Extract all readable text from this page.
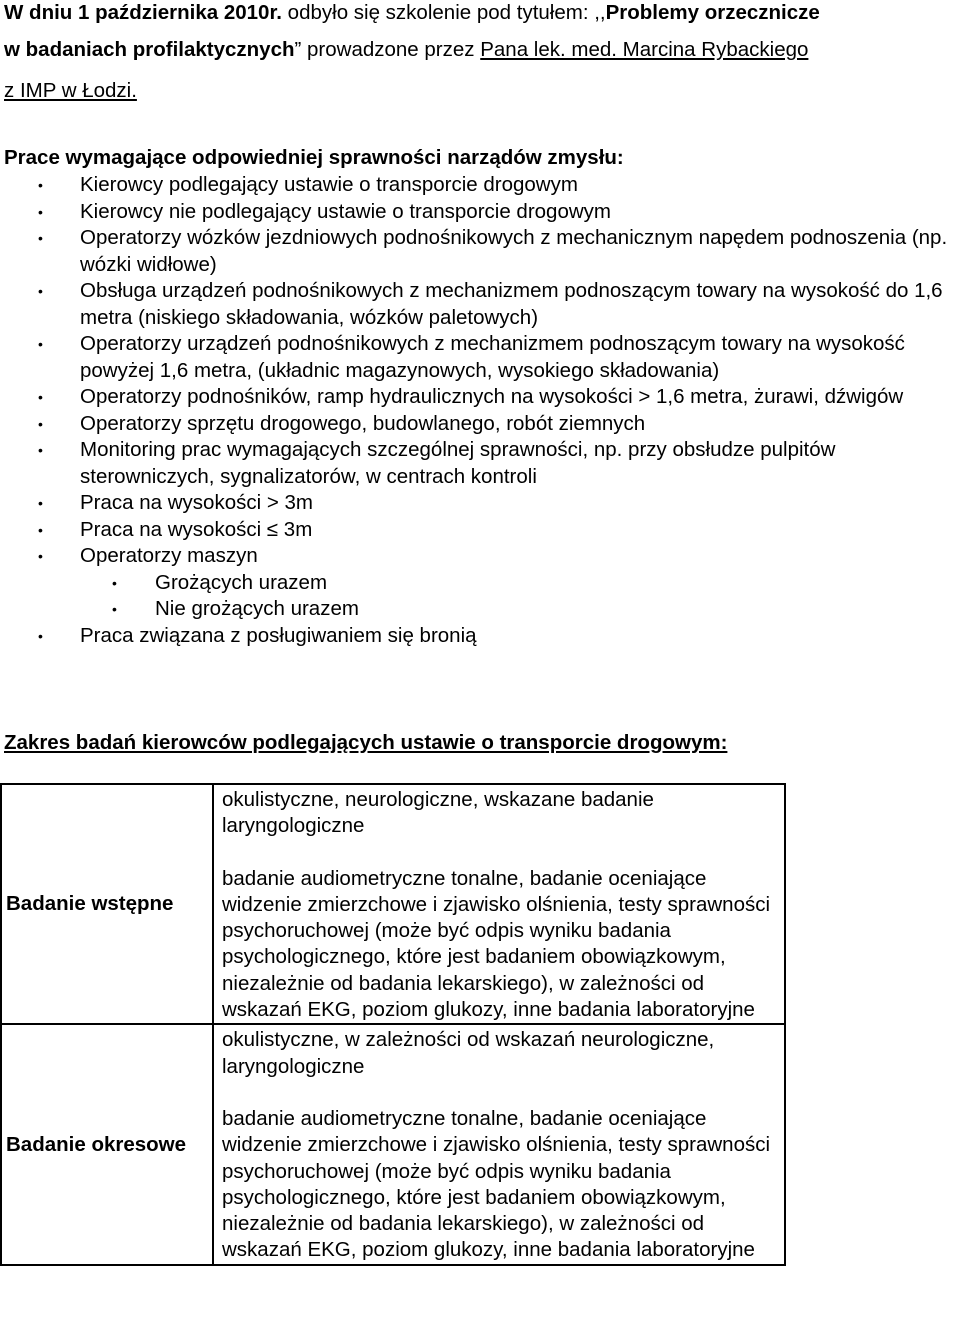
W dniu 1 października 2010r. odbyło się szkolenie pod tytułem: ,,Problemy orzecznicze
w badaniach profilaktycznych” prowadzone przez Pana lek. med. Marcina Rybackiego
z IMP w Łodzi.
Prace wymagające odpowiedniej sprawności narządów zmysłu:
• Kierowcy podlegający ustawie o transporcie drogowym
• Kierowcy nie podlegający ustawie o transporcie drogowym
• Operatorzy wózków jezdniowych podnośnikowych z mechanicznym napędem podnoszenia (np. wózki widłowe)
• Obsługa urządzeń podnośnikowych z mechanizmem podnoszącym towary na wysokość do 1,6 metra (niskiego składowania, wózków paletowych)
• Operatorzy urządzeń podnośnikowych z mechanizmem podnoszącym towary na wysokość powyżej 1,6 metra, (układnic magazynowych, wysokiego składowania)
• Operatorzy podnośników, ramp hydraulicznych na wysokości > 1,6 metra, żurawi, dźwigów
• Operatorzy sprzętu drogowego, budowlanego, robót ziemnych
• Monitoring prac wymagających szczególnej sprawności, np. przy obsłudze pulpitów sterowniczych, sygnalizatorów, w centrach kontroli
• Praca na wysokości > 3m
• Praca na wysokości ≤ 3m
• Operatorzy maszyn
• Grożących urazem
• Nie grożących urazem
• Praca związana z posługiwaniem się bronią
Zakres badań kierowców podlegających ustawie o transporcie drogowym:
Badanie wstępne	okulistyczne, neurologiczne, wskazane badanie laryngologiczne

badanie audiometryczne tonalne, badanie oceniające widzenie zmierzchowe i zjawisko olśnienia, testy sprawności psychoruchowej (może być odpis wyniku badania psychologicznego, które jest badaniem obowiązkowym, niezależnie od badania lekarskiego), w zależności od wskazań EKG, poziom glukozy, inne badania laboratoryjne

Badanie okresowe	okulistyczne, w zależności od wskazań neurologiczne, laryngologiczne

badanie audiometryczne tonalne, badanie oceniające widzenie zmierzchowe i zjawisko olśnienia, testy sprawności psychoruchowej (może być odpis wyniku badania psychologicznego, które jest badaniem obowiązkowym, niezależnie od badania lekarskiego), w zależności od wskazań EKG, poziom glukozy, inne badania laboratoryjne
